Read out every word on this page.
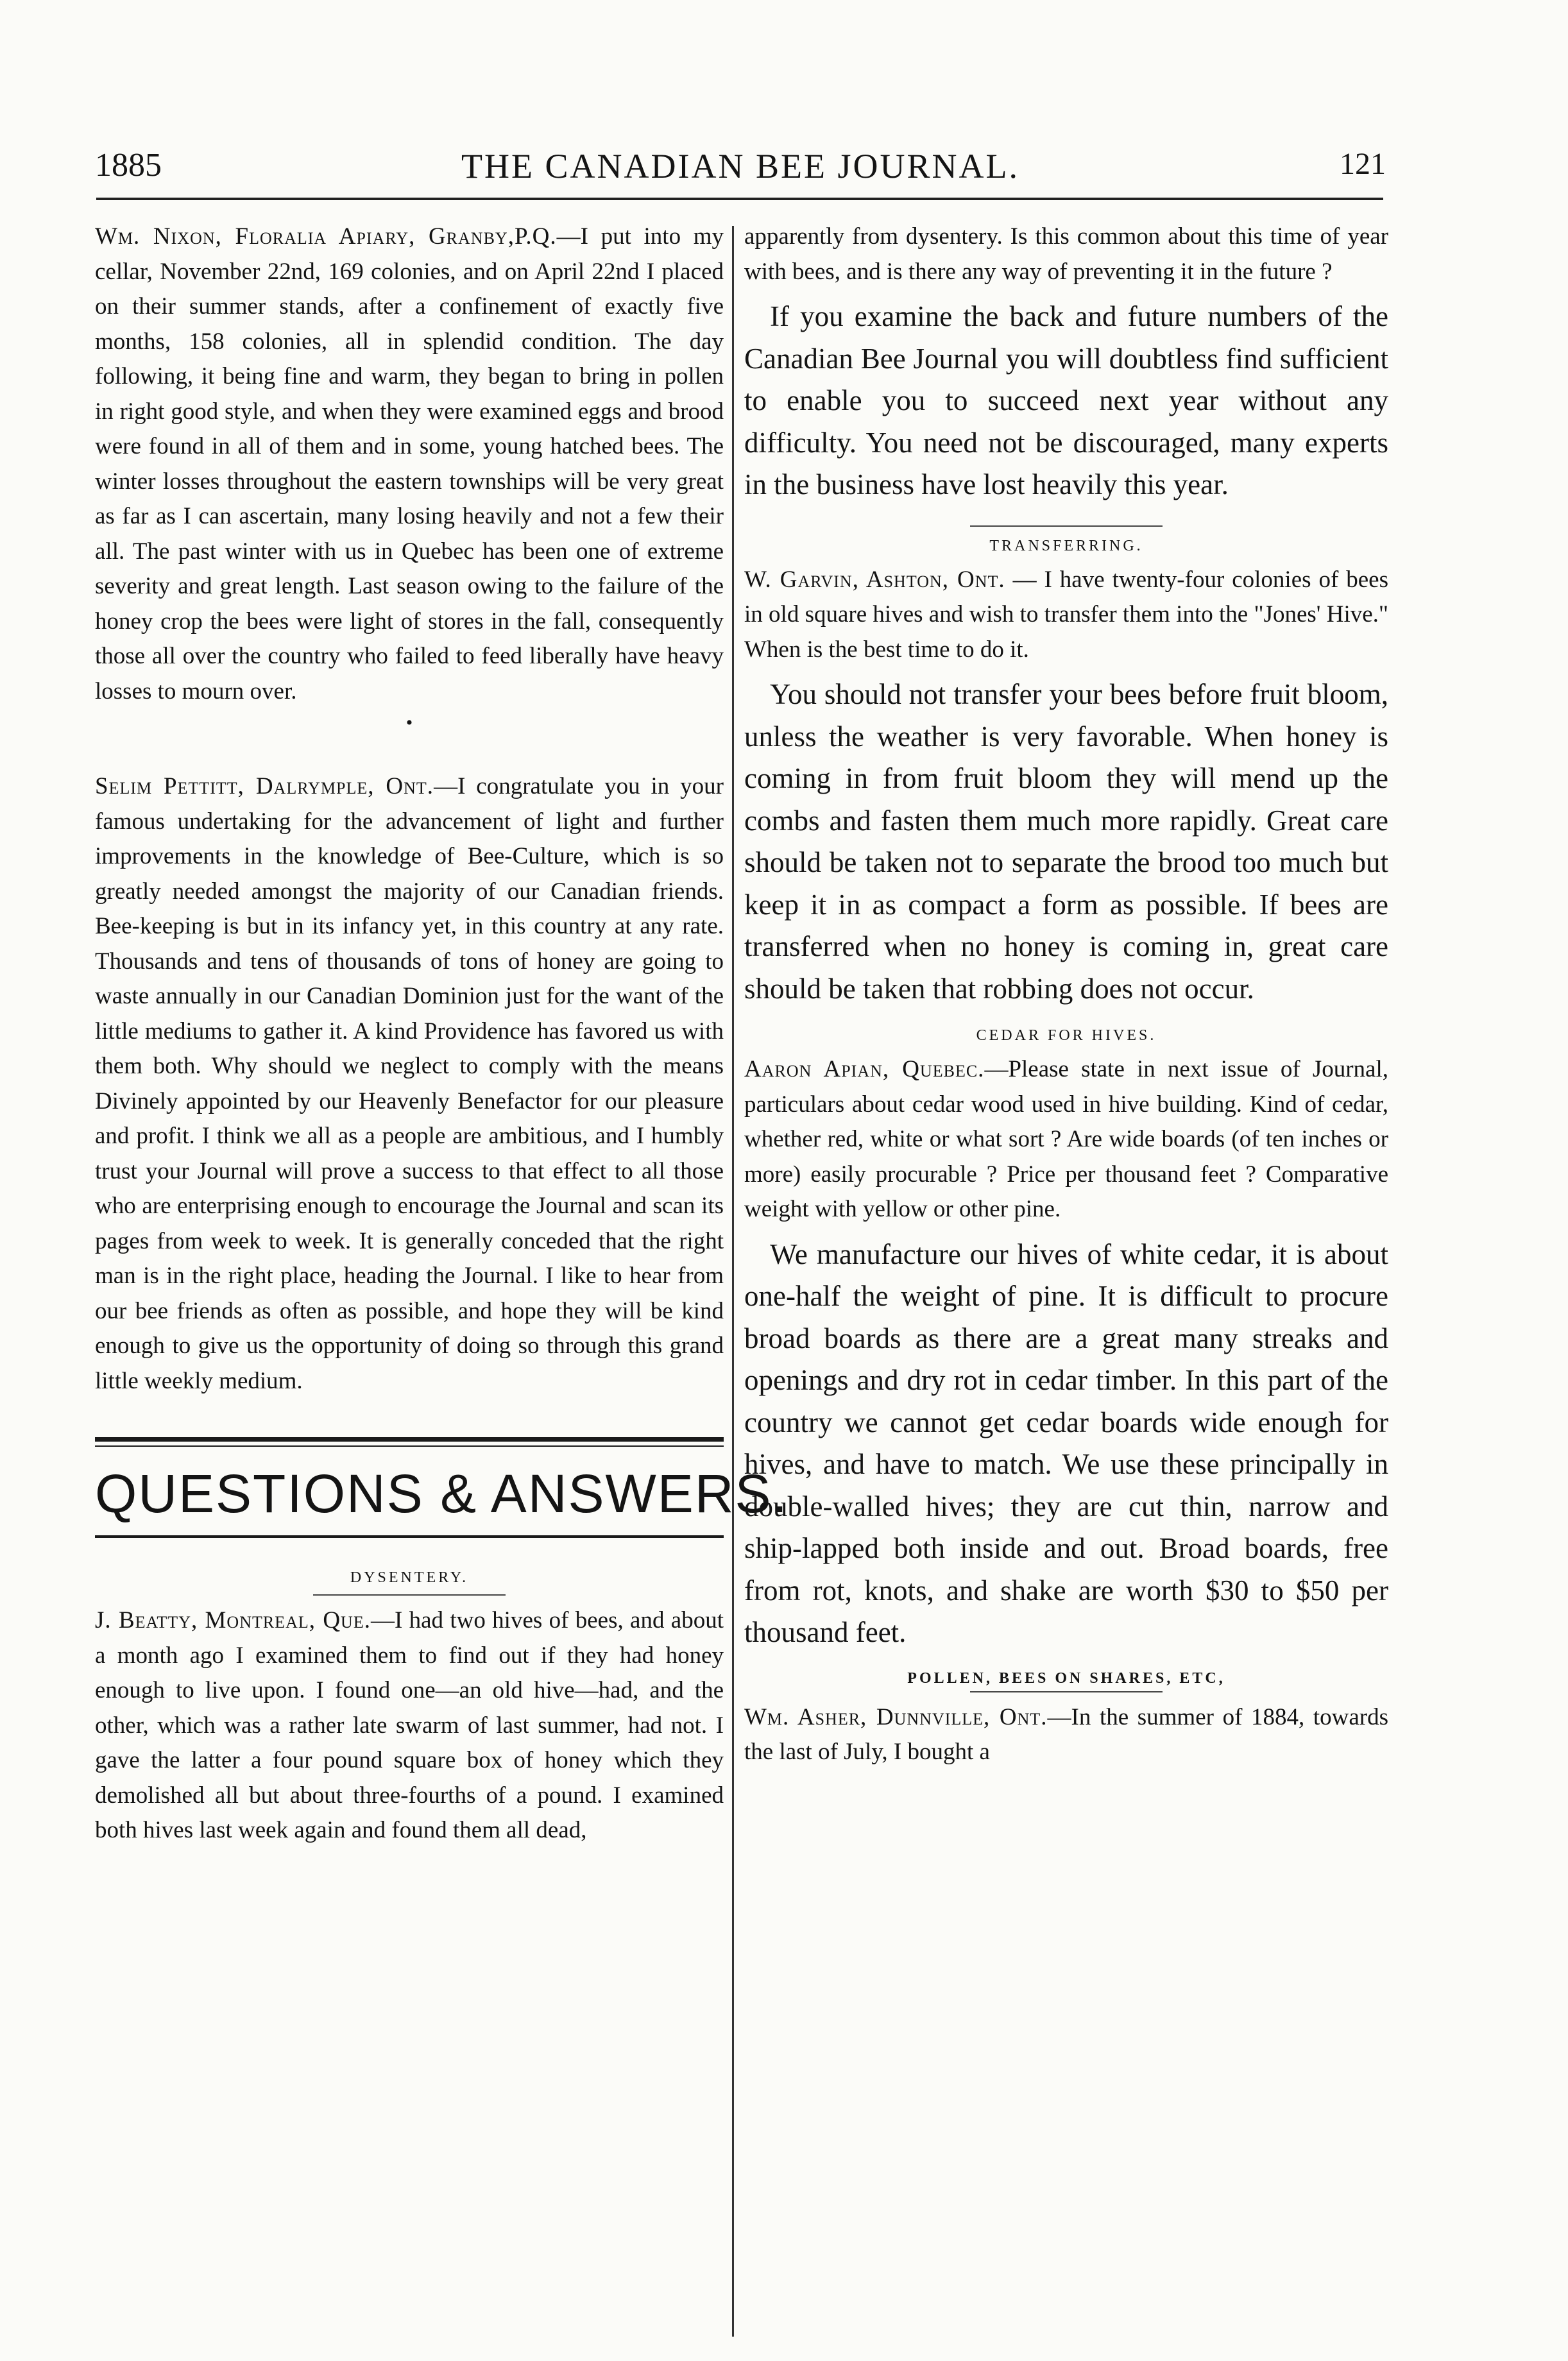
1885	THE CANADIAN BEE JOURNAL.	121

Wm. Nixon, Floralia Apiary, Granby,P.Q.—I put into my cellar, November 22nd, 169 colonies, and on April 22nd I placed on their summer stands, after a confinement of exactly five months, 158 colonies, all in splendid condition. The day following, it being fine and warm, they began to bring in pollen in right good style, and when they were examined eggs and brood were found in all of them and in some, young hatched bees. The winter losses throughout the eastern townships will be very great as far as I can ascertain, many losing heavily and not a few their all. The past winter with us in Quebec has been one of extreme severity and great length. Last season owing to the failure of the honey crop the bees were light of stores in the fall, consequently those all over the country who failed to feed liberally have heavy losses to mourn over.

•

Selim Pettitt, Dalrymple, Ont.—I congratulate you in your famous undertaking for the advancement of light and further improvements in the knowledge of Bee-Culture, which is so greatly needed amongst the majority of our Canadian friends. Bee-keeping is but in its infancy yet, in this country at any rate. Thousands and tens of thousands of tons of honey are going to waste annually in our Canadian Dominion just for the want of the little mediums to gather it. A kind Providence has favored us with them both. Why should we neglect to comply with the means Divinely appointed by our Heavenly Benefactor for our pleasure and profit. I think we all as a people are ambitious, and I humbly trust your Journal will prove a success to that effect to all those who are enterprising enough to encourage the Journal and scan its pages from week to week. It is generally conceded that the right man is in the right place, heading the Journal. I like to hear from our bee friends as often as possible, and hope they will be kind enough to give us the opportunity of doing so through this grand little weekly medium.

QUESTIONS & ANSWERS.
DYSENTERY.

J. Beatty, Montreal, Que.—I had two hives of bees, and about a month ago I examined them to find out if they had honey enough to live upon. I found one—an old hive—had, and the other, which was a rather late swarm of last summer, had not. I gave the latter a four pound square box of honey which they demolished all but about three-fourths of a pound. I examined both hives last week again and found them all dead,

apparently from dysentery. Is this common about this time of year with bees, and is there any way of preventing it in the future ?

If you examine the back and future numbers of the Canadian Bee Journal you will doubtless find sufficient to enable you to succeed next year without any difficulty. You need not be discouraged, many experts in the business have lost heavily this year.

TRANSFERRING.

W. Garvin, Ashton, Ont. — I have twenty-four colonies of bees in old square hives and wish to transfer them into the "Jones' Hive." When is the best time to do it.

You should not transfer your bees before fruit bloom, unless the weather is very favorable. When honey is coming in from fruit bloom they will mend up the combs and fasten them much more rapidly. Great care should be taken not to separate the brood too much but keep it in as compact a form as possible. If bees are transferred when no honey is coming in, great care should be taken that robbing does not occur.

CEDAR FOR HIVES.

Aaron Apian, Quebec.—Please state in next issue of Journal, particulars about cedar wood used in hive building. Kind of cedar, whether red, white or what sort ? Are wide boards (of ten inches or more) easily procurable ? Price per thousand feet ? Comparative weight with yellow or other pine.

We manufacture our hives of white cedar, it is about one-half the weight of pine. It is difficult to procure broad boards as there are a great many streaks and openings and dry rot in cedar timber. In this part of the country we cannot get cedar boards wide enough for hives, and have to match. We use these principally in double-walled hives; they are cut thin, narrow and ship-lapped both inside and out. Broad boards, free from rot, knots, and shake are worth $30 to $50 per thousand feet.

POLLEN, BEES ON SHARES, ETC,

Wm. Asher, Dunnville, Ont.—In the summer of 1884, towards the last of July, I bought a
